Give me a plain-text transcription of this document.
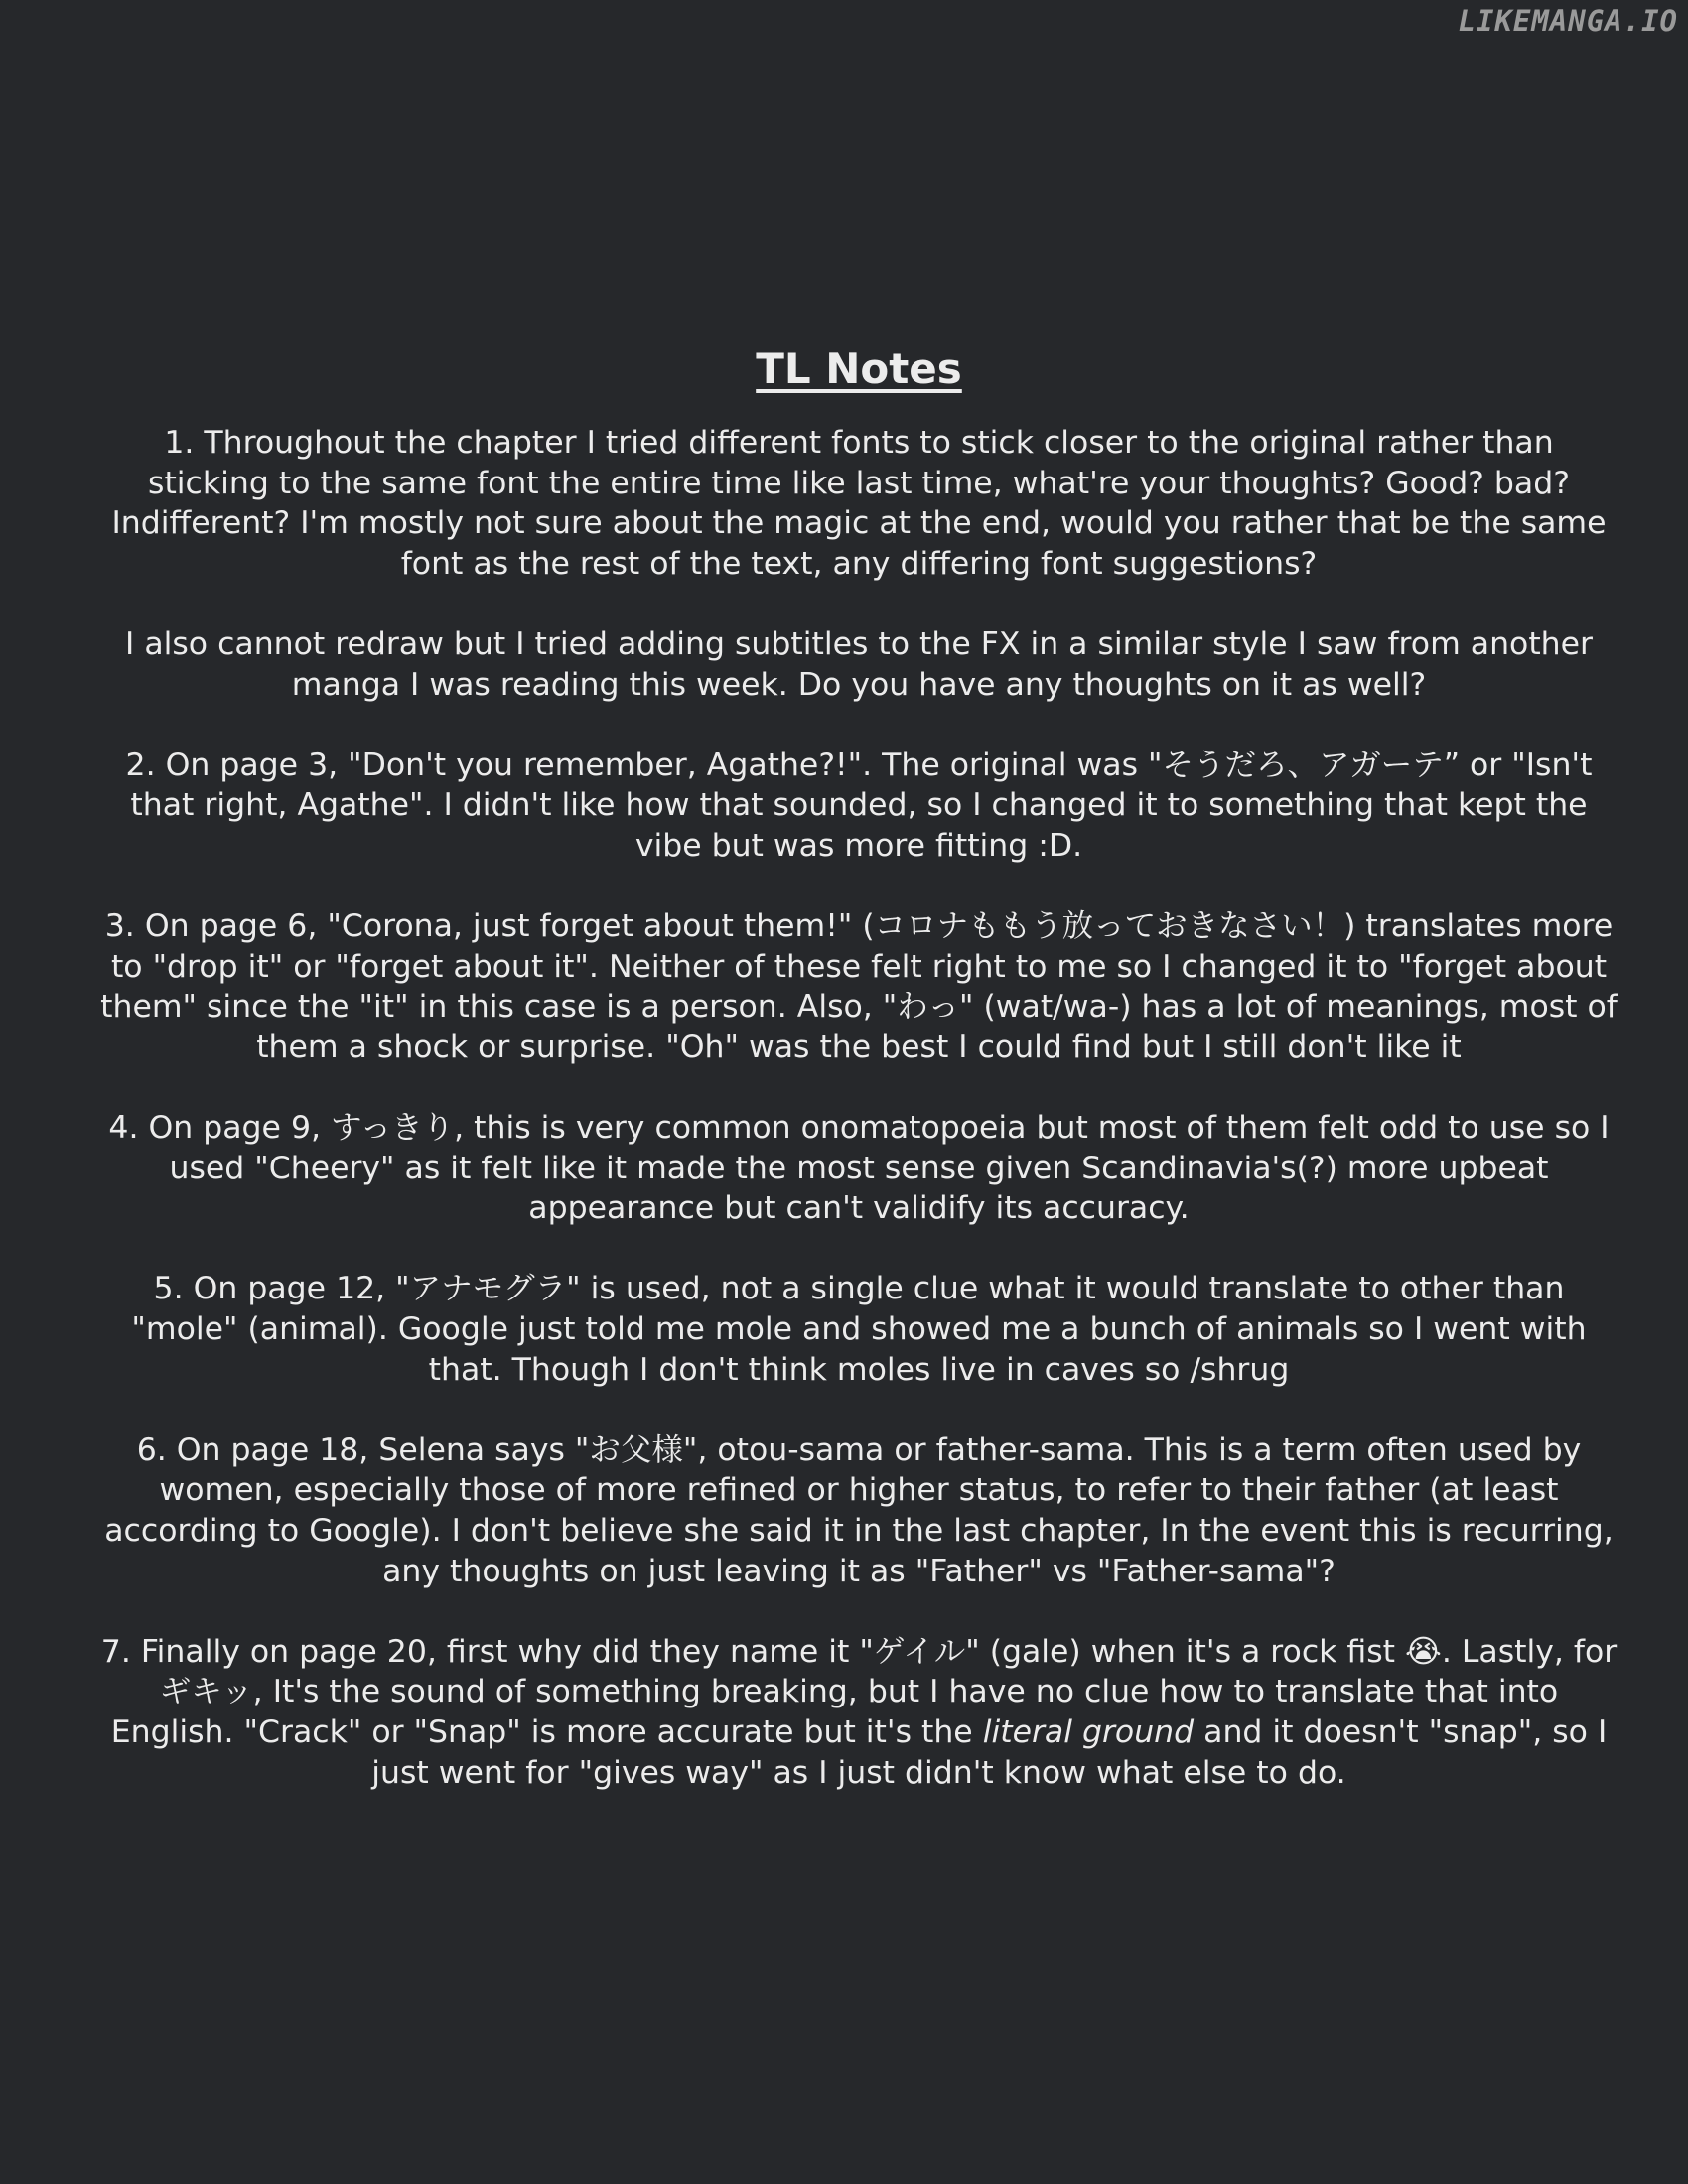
LIKEMANGA.IO
TL Notes
1. Throughout the chapter I tried different fonts to stick closer to the original rather than sticking to the same font the entire time like last time, what're your thoughts? Good? bad? Indifferent? I'm mostly not sure about the magic at the end, would you rather that be the same font as the rest of the text, any differing font suggestions?
I also cannot redraw but I tried adding subtitles to the FX in a similar style I saw from another manga I was reading this week. Do you have any thoughts on it as well?
2. On page 3, "Don't you remember, Agathe?!". The original was "そうだろ、アガーテ” or "Isn't that right, Agathe". I didn't like how that sounded, so I changed it to something that kept the vibe but was more fitting :D.
3. On page 6, "Corona, just forget about them!" (コロナももう放っておきなさい！) translates more to "drop it" or "forget about it". Neither of these felt right to me so I changed it to "forget about them" since the "it" in this case is a person. Also, "わっ" (wat/wa-) has a lot of meanings, most of them a shock or surprise. "Oh" was the best I could find but I still don't like it
4. On page 9, すっきり, this is very common onomatopoeia but most of them felt odd to use so I used "Cheery" as it felt like it made the most sense given Scandinavia's(?) more upbeat appearance but can't validify its accuracy.
5. On page 12, "アナモグラ" is used, not a single clue what it would translate to other than "mole" (animal). Google just told me mole and showed me a bunch of animals so I went with that. Though I don't think moles live in caves so /shrug
6. On page 18, Selena says "お父様", otou-sama or father-sama. This is a term often used by women, especially those of more refined or higher status, to refer to their father (at least according to Google). I don't believe she said it in the last chapter, In the event this is recurring, any thoughts on just leaving it as "Father" vs "Father-sama"?
7. Finally on page 20, first why did they name it "ゲイル" (gale) when it's a rock fist 😭. Lastly, for ギキッ, It's the sound of something breaking, but I have no clue how to translate that into English. "Crack" or "Snap" is more accurate but it's the literal ground and it doesn't "snap", so I just went for "gives way" as I just didn't know what else to do.
